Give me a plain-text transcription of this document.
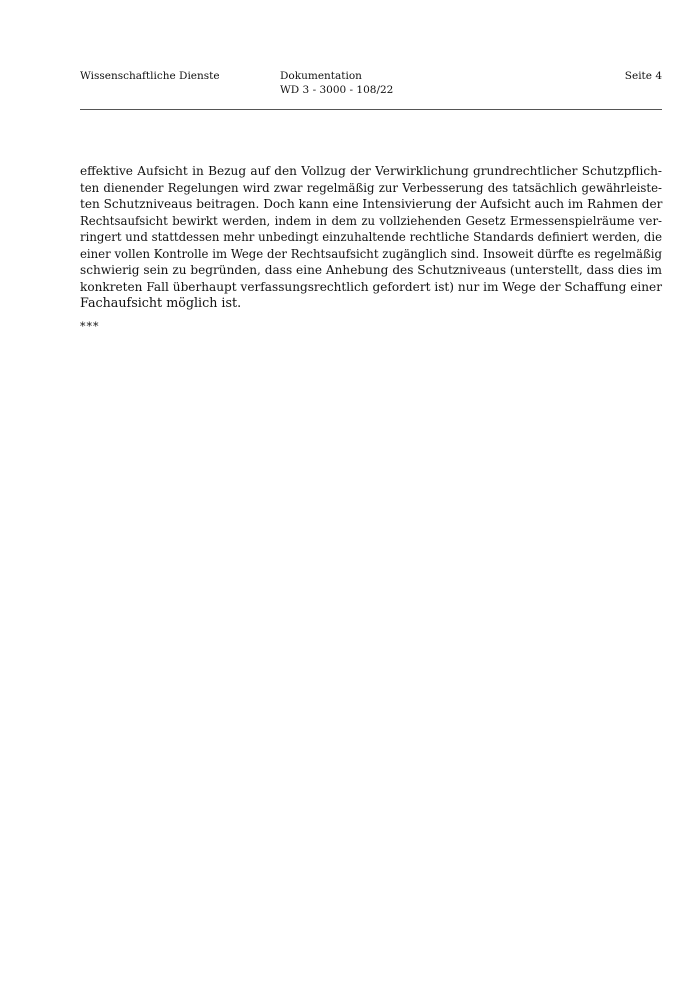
Wissenschaftliche Dienste	Dokumentation
WD 3 - 3000 - 108/22
Seite 4
effektive Aufsicht in Bezug auf den Vollzug der Verwirklichung grundrechtlicher Schutzpflich-
ten dienender Regelungen wird zwar regelmäßig zur Verbesserung des tatsächlich gewährleiste-
ten Schutzniveaus beitragen. Doch kann eine Intensivierung der Aufsicht auch im Rahmen der
Rechtsaufsicht bewirkt werden, indem in dem zu vollziehenden Gesetz Ermessenspielräume ver-
ringert und stattdessen mehr unbedingt einzuhaltende rechtliche Standards definiert werden, die
einer vollen Kontrolle im Wege der Rechtsaufsicht zugänglich sind. Insoweit dürfte es regelmäßig
schwierig sein zu begründen, dass eine Anhebung des Schutzniveaus (unterstellt, dass dies im
konkreten Fall überhaupt verfassungsrechtlich gefordert ist) nur im Wege der Schaffung einer
Fachaufsicht möglich ist.
***
